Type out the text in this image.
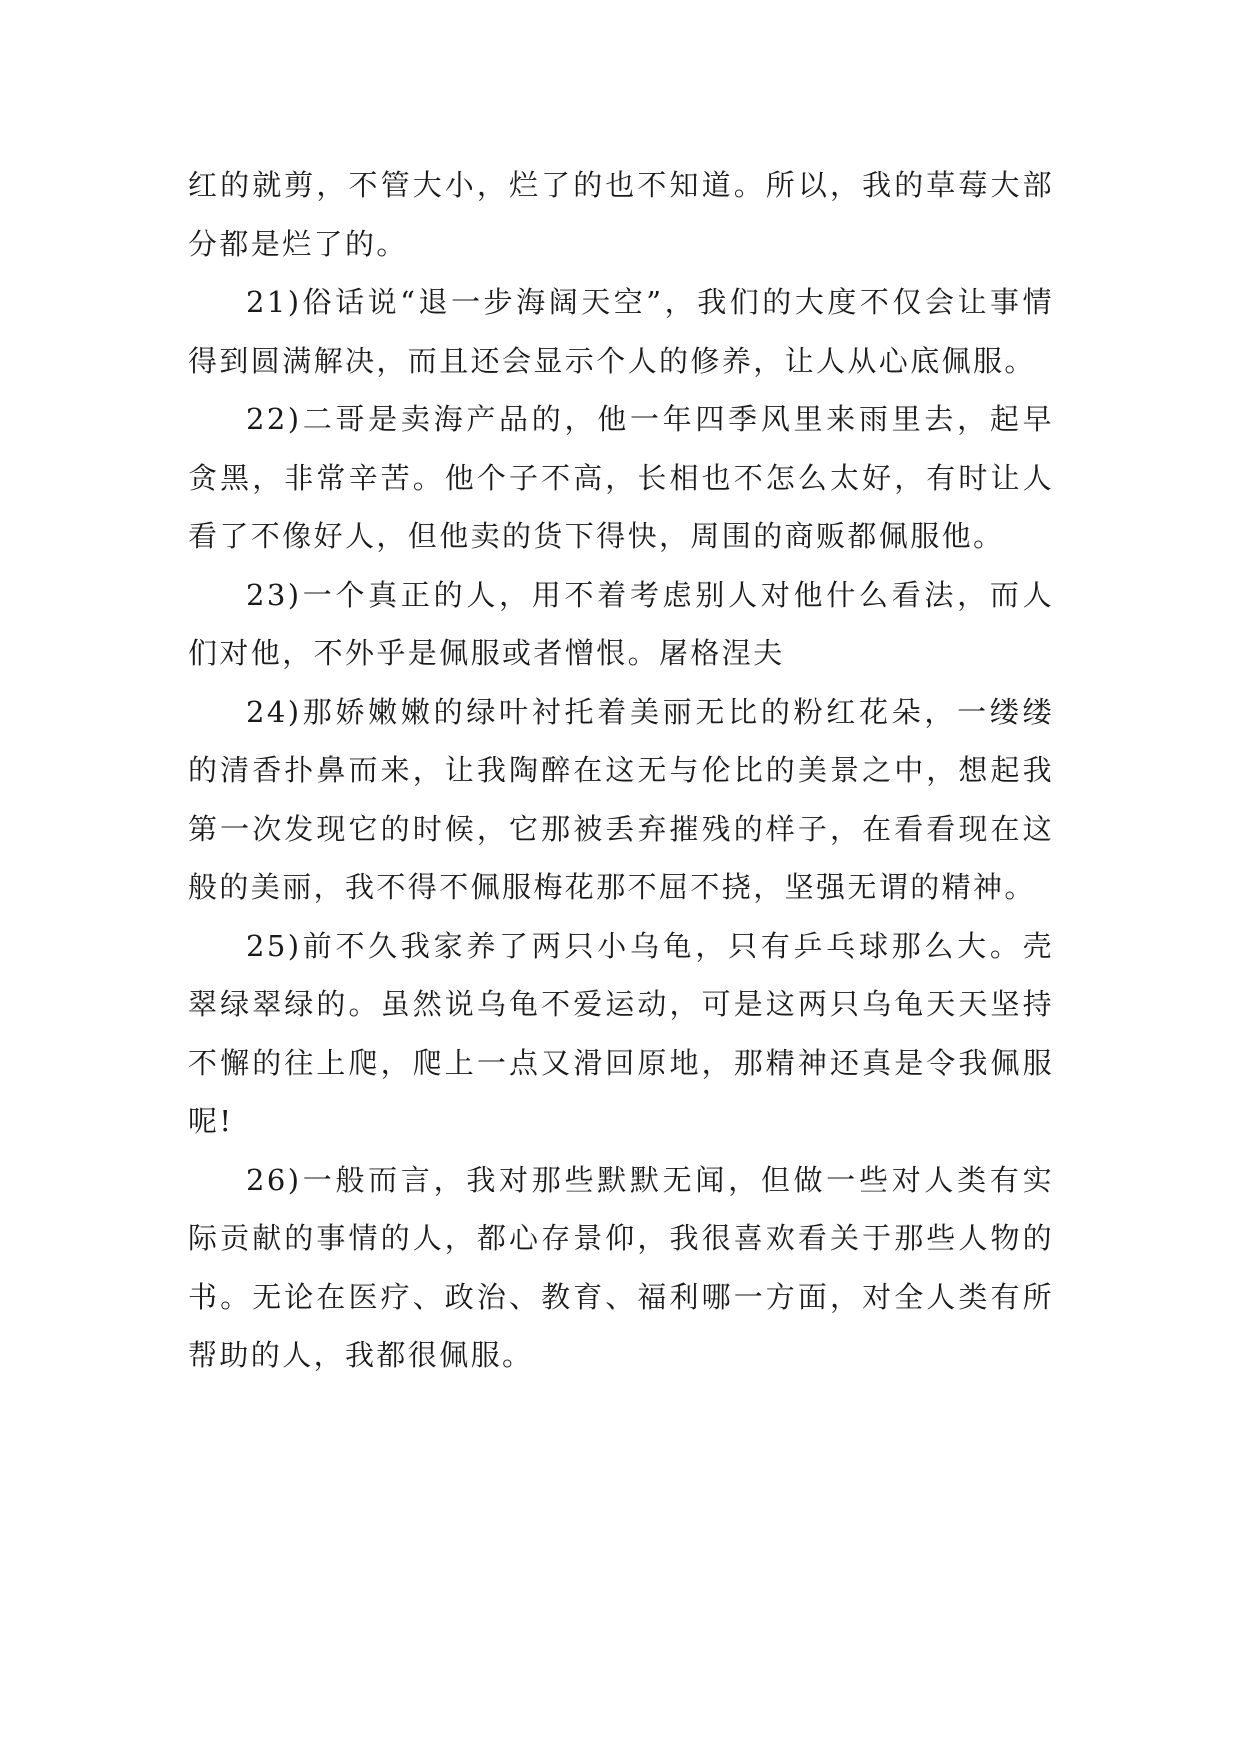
红的就剪，不管大小，烂了的也不知道。所以，我的草莓大部分都是烂了的。

21)俗话说“退一步海阔天空”，我们的大度不仅会让事情得到圆满解决，而且还会显示个人的修养，让人从心底佩服。

22)二哥是卖海产品的，他一年四季风里来雨里去，起早贪黑，非常辛苦。他个子不高，长相也不怎么太好，有时让人看了不像好人，但他卖的货下得快，周围的商贩都佩服他。

23)一个真正的人，用不着考虑别人对他什么看法，而人们对他，不外乎是佩服或者憎恨。屠格涅夫

24)那娇嫩嫩的绿叶衬托着美丽无比的粉红花朵，一缕缕的清香扑鼻而来，让我陶醉在这无与伦比的美景之中，想起我第一次发现它的时候，它那被丢弃摧残的样子，在看看现在这般的美丽，我不得不佩服梅花那不屈不挠，坚强无谓的精神。

25)前不久我家养了两只小乌龟，只有乒乓球那么大。壳翠绿翠绿的。虽然说乌龟不爱运动，可是这两只乌龟天天坚持不懈的往上爬，爬上一点又滑回原地，那精神还真是令我佩服呢!

26)一般而言，我对那些默默无闻，但做一些对人类有实际贡献的事情的人，都心存景仰，我很喜欢看关于那些人物的书。无论在医疗、政治、教育、福利哪一方面，对全人类有所帮助的人，我都很佩服。
